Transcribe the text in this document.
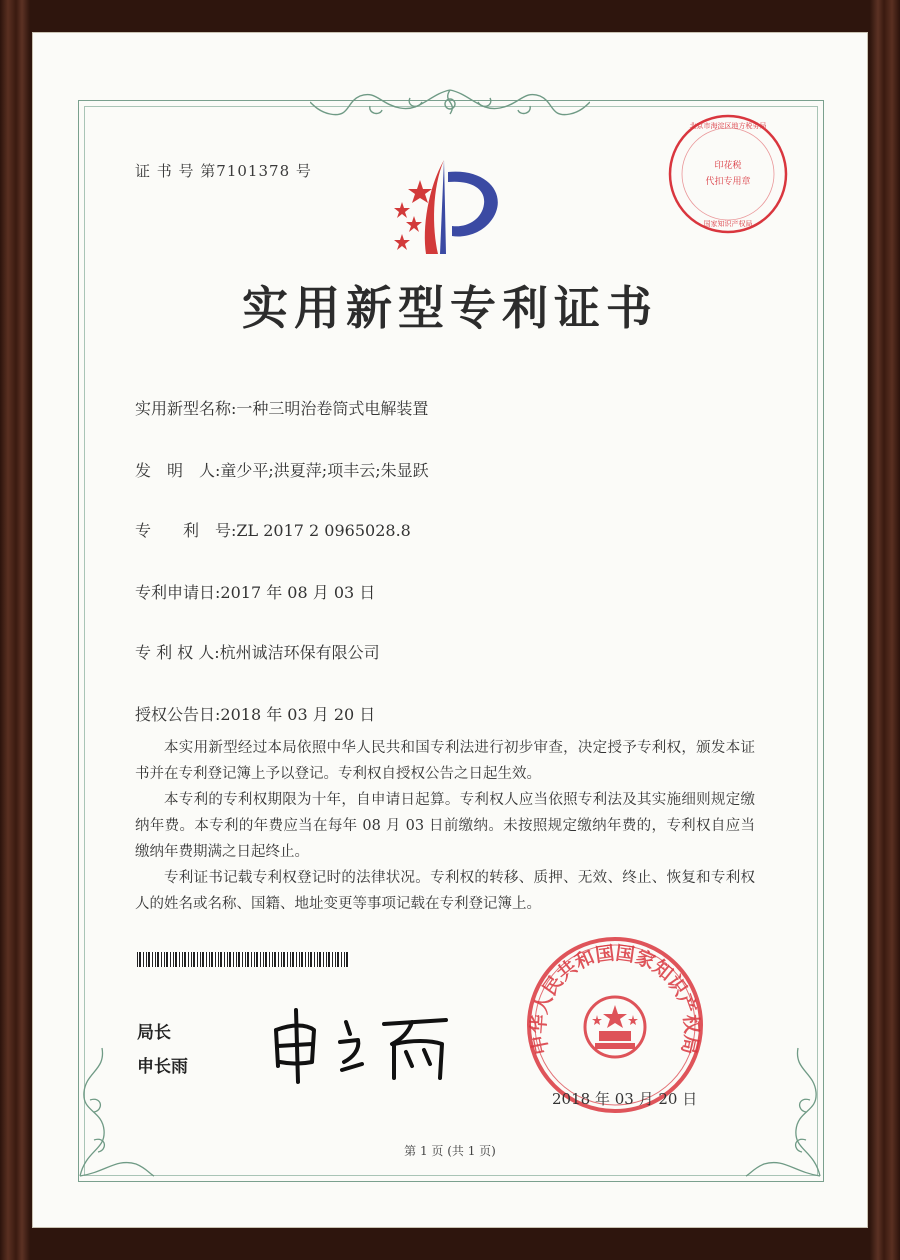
证 书 号 第7101378 号	印花税
代扣专用章
北京市海淀区地方税务局
国家知识产权局
实用新型专利证书
实用新型名称:一种三明治卷筒式电解装置
发　明　人:童少平;洪夏萍;项丰云;朱显跃
专　　利　号:ZL 2017 2 0965028.8
专利申请日:2017 年 08 月 03 日
专 利 权 人:杭州诚洁环保有限公司
授权公告日:2018 年 03 月 20 日

本实用新型经过本局依照中华人民共和国专利法进行初步审查，决定授予专利权，颁发本证书并在专利登记簿上予以登记。专利权自授权公告之日起生效。

本专利的专利权期限为十年，自申请日起算。专利权人应当依照专利法及其实施细则规定缴纳年费。本专利的年费应当在每年 08 月 03 日前缴纳。未按照规定缴纳年费的，专利权自应当缴纳年费期满之日起终止。

专利证书记载专利权登记时的法律状况。专利权的转移、质押、无效、终止、恢复和专利权人的姓名或名称、国籍、地址变更等事项记载在专利登记簿上。

局长
申长雨
中华人民共和国国家知识产权局
2018 年 03 月 20 日
第 1 页 (共 1 页)
